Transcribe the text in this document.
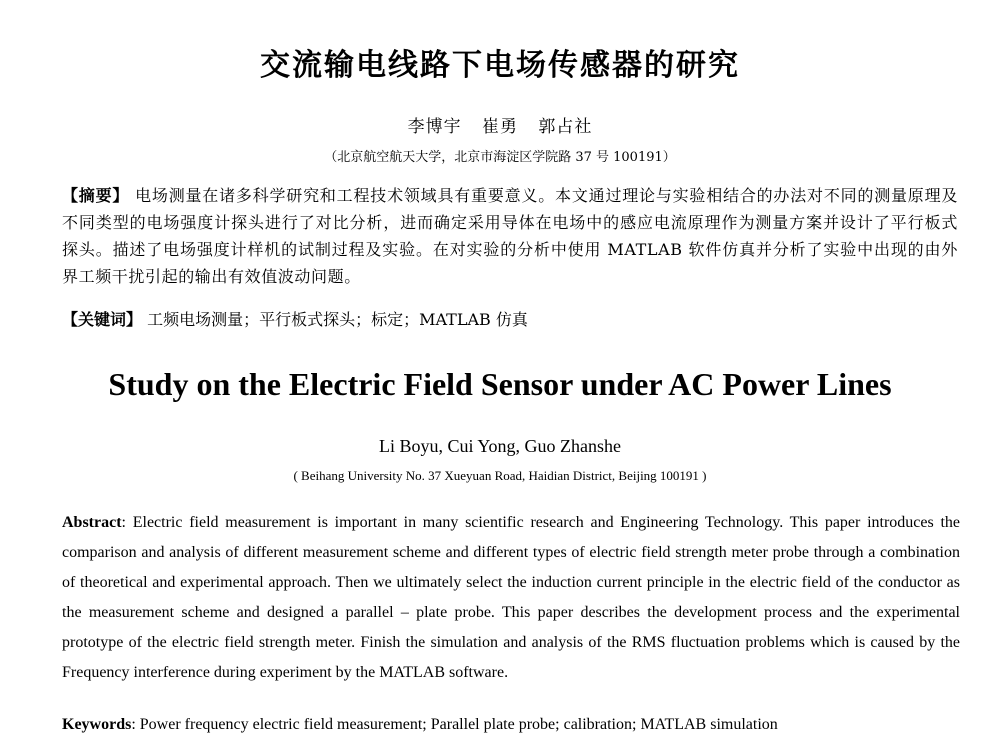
交流输电线路下电场传感器的研究
李博宇 崔勇 郭占社
（北京航空航天大学，北京市海淀区学院路 37 号 100191）
【摘要】 电场测量在诸多科学研究和工程技术领域具有重要意义。本文通过理论与实验相结合的办法对不同的测量原理及不同类型的电场强度计探头进行了对比分析，进而确定采用导体在电场中的感应电流原理作为测量方案并设计了平行板式探头。描述了电场强度计样机的试制过程及实验。在对实验的分析中使用 MATLAB 软件仿真并分析了实验中出现的由外界工频干扰引起的输出有效值波动问题。
【关键词】 工频电场测量；平行板式探头；标定；MATLAB 仿真
Study on the Electric Field Sensor under AC Power Lines
Li Boyu, Cui Yong, Guo Zhanshe
( Beihang University No. 37 Xueyuan Road, Haidian District, Beijing 100191 )
Abstract: Electric field measurement is important in many scientific research and Engineering Technology. This paper introduces the comparison and analysis of different measurement scheme and different types of electric field strength meter probe through a combination of theoretical and experimental approach. Then we ultimately select the induction current principle in the electric field of the conductor as the measurement scheme and designed a parallel – plate probe. This paper describes the development process and the experimental prototype of the electric field strength meter. Finish the simulation and analysis of the RMS fluctuation problems which is caused by the Frequency interference during experiment by the MATLAB software.
Keywords: Power frequency electric field measurement; Parallel plate probe; calibration; MATLAB simulation
